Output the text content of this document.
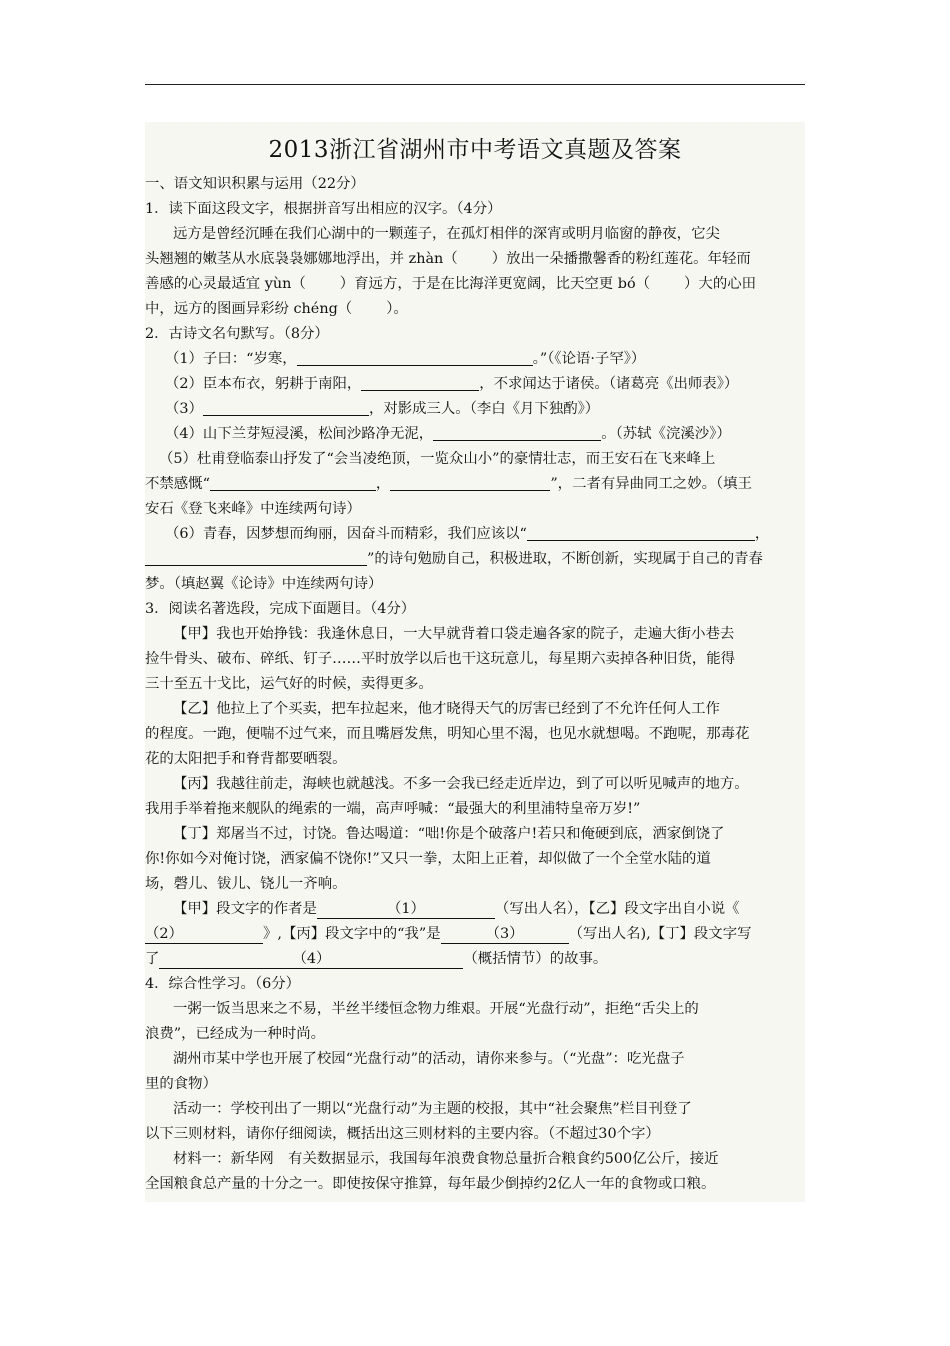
2013浙江省湖州市中考语文真题及答案
一、语文知识积累与运用（22分）
1．读下面这段文字，根据拼音写出相应的汉字。（4分）
远方是曾经沉睡在我们心湖中的一颗莲子，在孤灯相伴的深宵或明月临窗的静夜，它尖
头翘翘的嫩茎从水底袅袅娜娜地浮出，并 zhàn（ ）放出一朵播撒馨香的粉红莲花。年轻而
善感的心灵最适宜 yùn（ ）育远方，于是在比海洋更宽阔，比天空更 bó（ ）大的心田
中，远方的图画异彩纷 chéng（ ）。
2．古诗文名句默写。（8分）
（1）子曰：“岁寒，	。”（《论语·子罕》）
（2）臣本布衣，躬耕于南阳，	，不求闻达于诸侯。（诸葛亮《出师表》）
（3）	，对影成三人。（李白《月下独酌》）
（4）山下兰芽短浸溪，松间沙路净无泥，	。（苏轼《浣溪沙》）
（5）杜甫登临泰山抒发了“会当凌绝顶，一览众山小”的豪情壮志，而王安石在飞来峰上
不禁感慨“	，	”，二者有异曲同工之妙。（填王
安石《登飞来峰》中连续两句诗）
（6）青春，因梦想而绚丽，因奋斗而精彩，我们应该以“	，
”的诗句勉励自己，积极进取，不断创新，实现属于自己的青春
梦。（填赵翼《论诗》中连续两句诗）
3．阅读名著选段，完成下面题目。（4分）
【甲】我也开始挣钱：我逢休息日，一大早就背着口袋走遍各家的院子，走遍大街小巷去
捡牛骨头、破布、碎纸、钉子……平时放学以后也干这玩意儿，每星期六卖掉各种旧货，能得
三十至五十戈比，运气好的时候，卖得更多。
【乙】他拉上了个买卖，把车拉起来，他才晓得天气的厉害已经到了不允许任何人工作
的程度。一跑，便喘不过气来，而且嘴唇发焦，明知心里不渴，也见水就想喝。不跑呢，那毒花
花的太阳把手和脊背都要晒裂。
【丙】我越往前走，海峡也就越浅。不多一会我已经走近岸边，到了可以听见喊声的地方。
我用手举着拖来舰队的绳索的一端，高声呼喊：“最强大的利里浦特皇帝万岁!”
【丁】郑屠当不过，讨饶。鲁达喝道：“咄!你是个破落户!若只和俺硬到底，洒家倒饶了
你!你如今对俺讨饶，洒家偏不饶你!”又只一拳，太阳上正着，却似做了一个全堂水陆的道
场，磬儿、钹儿、铙儿一齐响。
【甲】段文字的作者是	（1）	（写出人名），【乙】段文字出自小说《
（2）	》,【丙】段文字中的“我”是	（3）	（写出人名),【丁】段文字写
了	（4）	（概括情节）的故事。
4．综合性学习。（6分）
一粥一饭当思来之不易，半丝半缕恒念物力维艰。开展“光盘行动”，拒绝“舌尖上的
浪费”，已经成为一种时尚。
湖州市某中学也开展了校园“光盘行动”的活动，请你来参与。（“光盘”：吃光盘子
里的食物）
活动一：学校刊出了一期以“光盘行动”为主题的校报，其中“社会聚焦”栏目刊登了
以下三则材料，请你仔细阅读，概括出这三则材料的主要内容。（不超过30个字）
材料一：新华网　有关数据显示，我国每年浪费食物总量折合粮食约500亿公斤，接近
全国粮食总产量的十分之一。即使按保守推算，每年最少倒掉约2亿人一年的食物或口粮。
